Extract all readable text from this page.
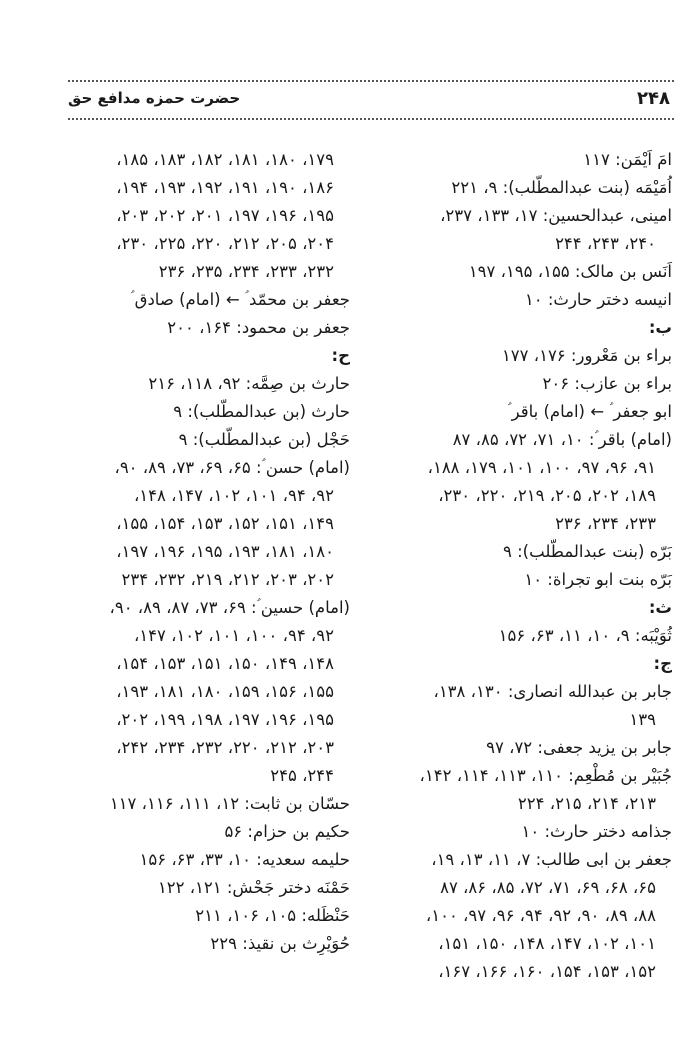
۲۴۸
حضرت حمزه مدافع حق
امَ اَیْمَن: ۱۱۷
اُمَیْمَه (بنت عبدالمطّلب): ۹، ۲۲۱
امینی، عبدالحسین: ۱۷، ۱۳۳، ۲۳۷،
۲۴۰، ۲۴۳، ۲۴۴
اَنَس بن مالک: ۱۵۵، ۱۹۵، ۱۹۷
انیسه دختر حارث: ۱۰
ب:
براء بن مَعْرور: ۱۷۶، ۱۷۷
براء بن عازب: ۲۰۶
ابو جعفر ؑ ← (امام) باقر ؑ
(امام) باقر ؑ: ۱۰، ۷۱، ۷۲، ۸۵، ۸۷
۹۱، ۹۶، ۹۷، ۱۰۰، ۱۰۱، ۱۷۹، ۱۸۸،
۱۸۹، ۲۰۲، ۲۰۵، ۲۱۹، ۲۲۰، ۲۳۰،
۲۳۳، ۲۳۴، ۲۳۶
بَرّه (بنت عبدالمطّلب): ۹
بَرّه بنت ابو تجراة: ۱۰
ث:
ثُوَیْبَه: ۹، ۱۰، ۱۱، ۶۳، ۱۵۶
ج:
جابر بن عبدالله انصاری: ۱۳۰، ۱۳۸،
۱۳۹
جابر بن یزید جعفی: ۷۲، ۹۷
جُبَیْر بن مُطْعِم: ۱۱۰، ۱۱۳، ۱۱۴، ۱۴۲،
۲۱۳، ۲۱۴، ۲۱۵، ۲۲۴
جذامه دختر حارث: ۱۰
جعفر بن ابی طالب: ۷، ۱۱، ۱۳، ۱۹،
۶۵، ۶۸، ۶۹، ۷۱، ۷۲، ۸۵، ۸۶، ۸۷
۸۸، ۸۹، ۹۰، ۹۲، ۹۴، ۹۶، ۹۷، ۱۰۰،
۱۰۱، ۱۰۲، ۱۴۷، ۱۴۸، ۱۵۰، ۱۵۱،
۱۵۲، ۱۵۳، ۱۵۴، ۱۶۰، ۱۶۶، ۱۶۷،
۱۷۹، ۱۸۰، ۱۸۱، ۱۸۲، ۱۸۳، ۱۸۵،
۱۸۶، ۱۹۰، ۱۹۱، ۱۹۲، ۱۹۳، ۱۹۴،
۱۹۵، ۱۹۶، ۱۹۷، ۲۰۱، ۲۰۲، ۲۰۳،
۲۰۴، ۲۰۵، ۲۱۲، ۲۲۰، ۲۲۵، ۲۳۰،
۲۳۲، ۲۳۳، ۲۳۴، ۲۳۵، ۲۳۶
جعفر بن محمّد ؑ ← (امام) صادق ؑ
جعفر بن محمود: ۱۶۴، ۲۰۰
ح:
حارث بن صِمَّه: ۹۲، ۱۱۸، ۲۱۶
حارث (بن عبدالمطّلب): ۹
حَجْل (بن عبدالمطّلب): ۹
(امام) حسن ؑ: ۶۵، ۶۹، ۷۳، ۸۹، ۹۰،
۹۲، ۹۴، ۱۰۱، ۱۰۲، ۱۴۷، ۱۴۸،
۱۴۹، ۱۵۱، ۱۵۲، ۱۵۳، ۱۵۴، ۱۵۵،
۱۸۰، ۱۸۱، ۱۹۳، ۱۹۵، ۱۹۶، ۱۹۷،
۲۰۲، ۲۰۳، ۲۱۲، ۲۱۹، ۲۳۲، ۲۳۴
(امام) حسین ؑ: ۶۹، ۷۳، ۸۷، ۸۹، ۹۰،
۹۲، ۹۴، ۱۰۰، ۱۰۱، ۱۰۲، ۱۴۷،
۱۴۸، ۱۴۹، ۱۵۰، ۱۵۱، ۱۵۳، ۱۵۴،
۱۵۵، ۱۵۶، ۱۵۹، ۱۸۰، ۱۸۱، ۱۹۳،
۱۹۵، ۱۹۶، ۱۹۷، ۱۹۸، ۱۹۹، ۲۰۲،
۲۰۳، ۲۱۲، ۲۲۰، ۲۳۲، ۲۳۴، ۲۴۲،
۲۴۴، ۲۴۵
حسّان بن ثابت: ۱۲، ۱۱۱، ۱۱۶، ۱۱۷
حکیم بن حزام: ۵۶
حلیمه سعدیه: ۱۰، ۳۳، ۶۳، ۱۵۶
حَمْنَه دختر جَحْش: ۱۲۱، ۱۲۲
حَنْظَله: ۱۰۵، ۱۰۶، ۲۱۱
حُوَیْرِث بن نقیذ: ۲۲۹
